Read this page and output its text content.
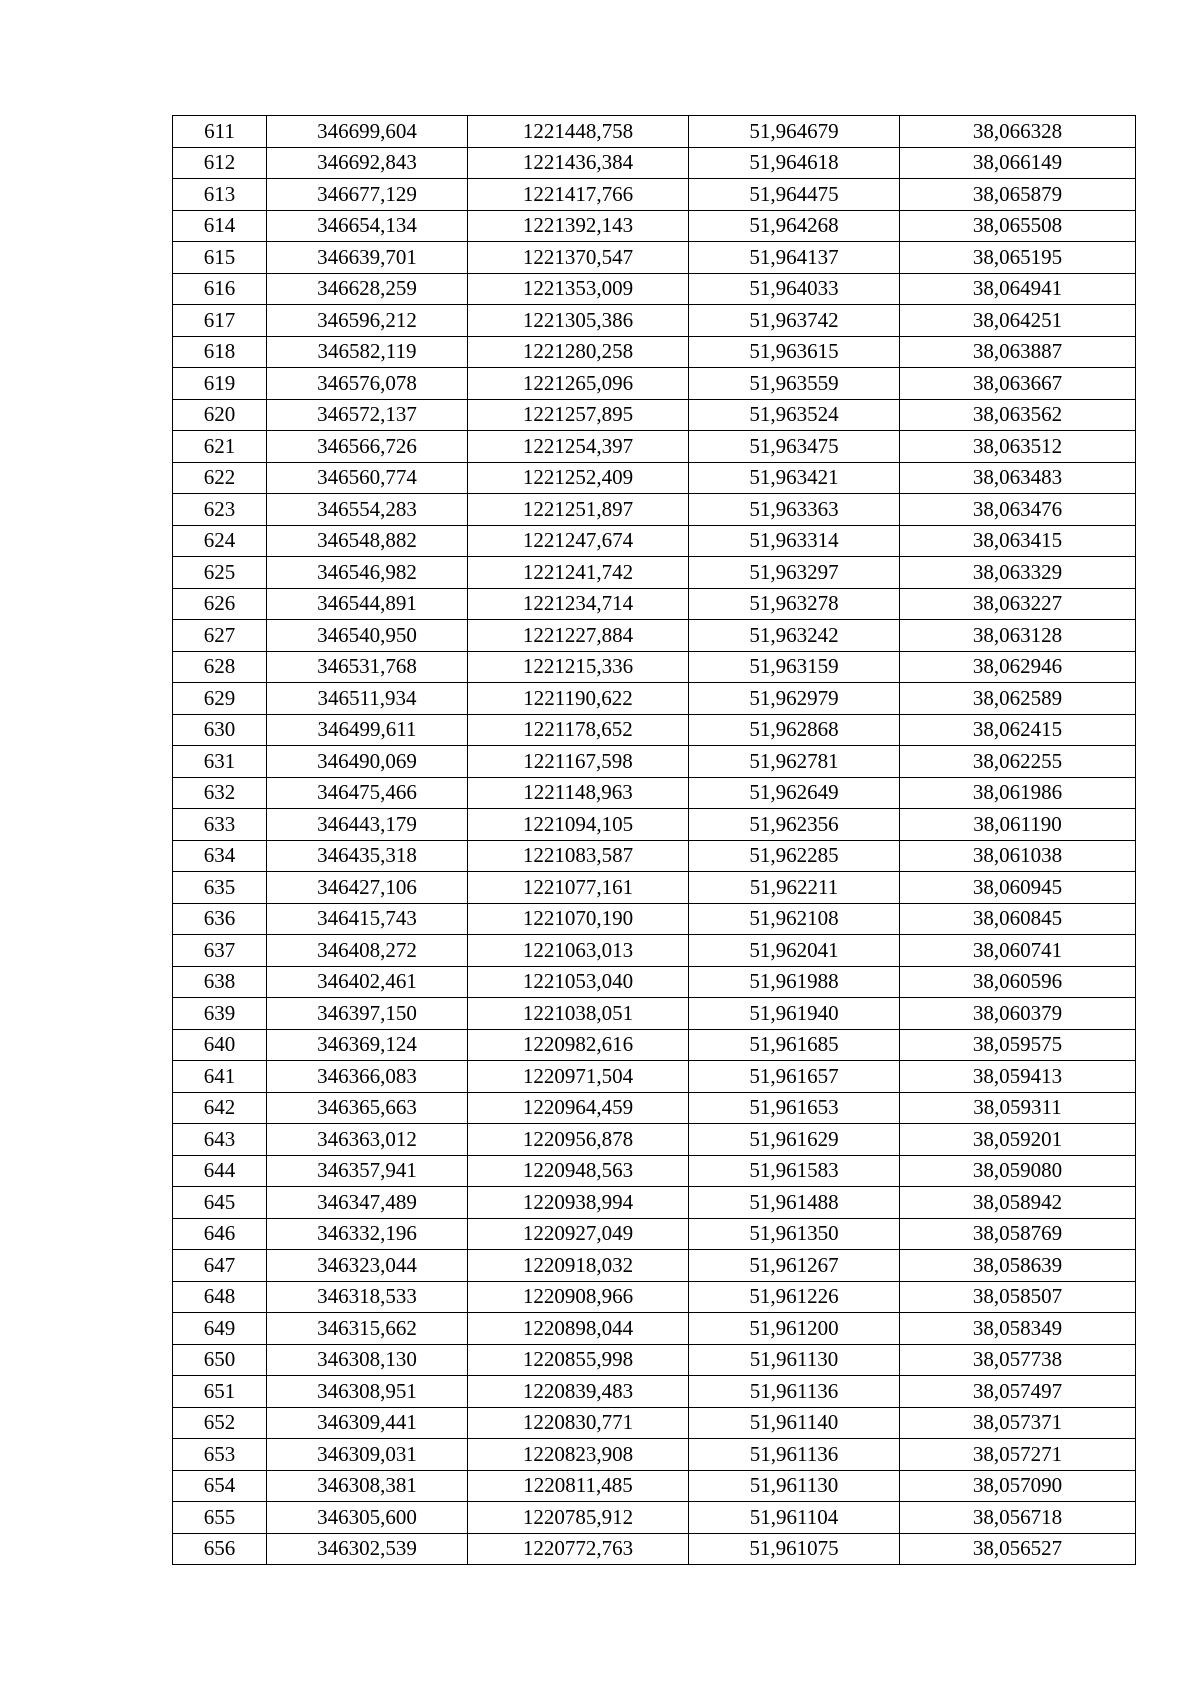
611	346699,604	1221448,758	51,964679	38,066328
612	346692,843	1221436,384	51,964618	38,066149
613	346677,129	1221417,766	51,964475	38,065879
614	346654,134	1221392,143	51,964268	38,065508
615	346639,701	1221370,547	51,964137	38,065195
616	346628,259	1221353,009	51,964033	38,064941
617	346596,212	1221305,386	51,963742	38,064251
618	346582,119	1221280,258	51,963615	38,063887
619	346576,078	1221265,096	51,963559	38,063667
620	346572,137	1221257,895	51,963524	38,063562
621	346566,726	1221254,397	51,963475	38,063512
622	346560,774	1221252,409	51,963421	38,063483
623	346554,283	1221251,897	51,963363	38,063476
624	346548,882	1221247,674	51,963314	38,063415
625	346546,982	1221241,742	51,963297	38,063329
626	346544,891	1221234,714	51,963278	38,063227
627	346540,950	1221227,884	51,963242	38,063128
628	346531,768	1221215,336	51,963159	38,062946
629	346511,934	1221190,622	51,962979	38,062589
630	346499,611	1221178,652	51,962868	38,062415
631	346490,069	1221167,598	51,962781	38,062255
632	346475,466	1221148,963	51,962649	38,061986
633	346443,179	1221094,105	51,962356	38,061190
634	346435,318	1221083,587	51,962285	38,061038
635	346427,106	1221077,161	51,962211	38,060945
636	346415,743	1221070,190	51,962108	38,060845
637	346408,272	1221063,013	51,962041	38,060741
638	346402,461	1221053,040	51,961988	38,060596
639	346397,150	1221038,051	51,961940	38,060379
640	346369,124	1220982,616	51,961685	38,059575
641	346366,083	1220971,504	51,961657	38,059413
642	346365,663	1220964,459	51,961653	38,059311
643	346363,012	1220956,878	51,961629	38,059201
644	346357,941	1220948,563	51,961583	38,059080
645	346347,489	1220938,994	51,961488	38,058942
646	346332,196	1220927,049	51,961350	38,058769
647	346323,044	1220918,032	51,961267	38,058639
648	346318,533	1220908,966	51,961226	38,058507
649	346315,662	1220898,044	51,961200	38,058349
650	346308,130	1220855,998	51,961130	38,057738
651	346308,951	1220839,483	51,961136	38,057497
652	346309,441	1220830,771	51,961140	38,057371
653	346309,031	1220823,908	51,961136	38,057271
654	346308,381	1220811,485	51,961130	38,057090
655	346305,600	1220785,912	51,961104	38,056718
656	346302,539	1220772,763	51,961075	38,056527
